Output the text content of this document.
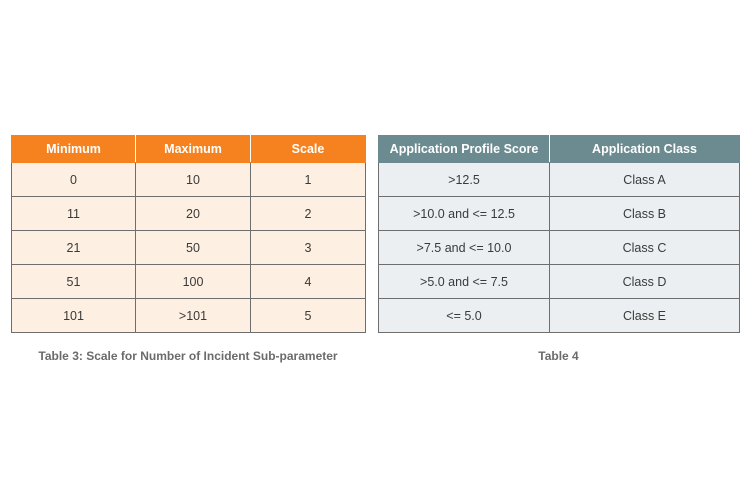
Minimum	Maximum	Scale
0	10	1
11	20	2
21	50	3
51	100	4
101	>101	5
Table 3: Scale for Number of Incident Sub-parameter
Application Profile Score	Application Class
>12.5	Class A
>10.0 and <= 12.5	Class B
>7.5 and <= 10.0	Class C
>5.0 and <= 7.5	Class D
<= 5.0	Class E
Table 4
